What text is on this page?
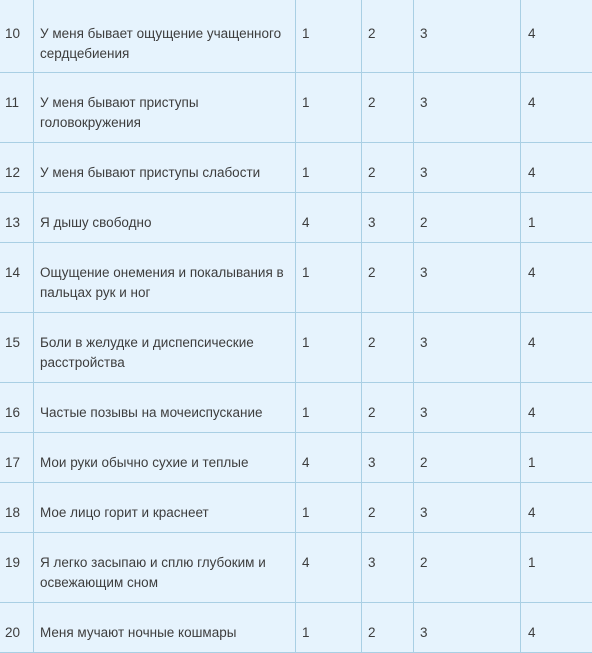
10	У меня бывает ощущение учащенного сердцебиения	1	2	3	4

11	У меня бывают приступы головокружения	1	2	3	4

12	У меня бывают приступы слабости	1	2	3	4

13	Я дышу свободно	4	3	2	1

14	Ощущение онемения и покалывания в пальцах рук и ног	1	2	3	4

15	Боли в желудке и диспепсические расстройства	1	2	3	4

16	Частые позывы на мочеиспускание	1	2	3	4

17	Мои руки обычно сухие и теплые	4	3	2	1

18	Мое лицо горит и краснеет	1	2	3	4

19	Я легко засыпаю и сплю глубоким и освежающим сном	4	3	2	1

20	Меня мучают ночные кошмары	1	2	3	4
